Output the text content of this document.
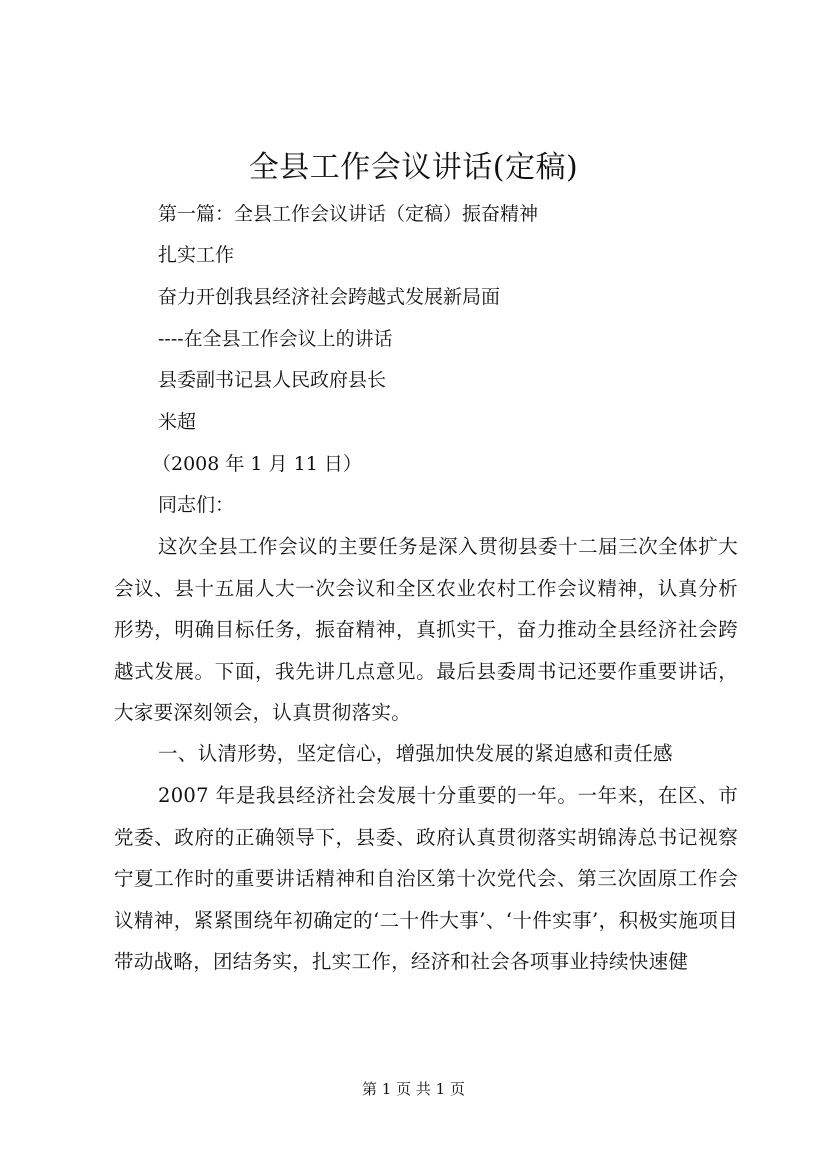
全县工作会议讲话(定稿)
第一篇：全县工作会议讲话（定稿）振奋精神
扎实工作
奋力开创我县经济社会跨越式发展新局面
----在全县工作会议上的讲话
县委副书记县人民政府县长
米超
（2008 年 1 月 11 日）
同志们：
这次全县工作会议的主要任务是深入贯彻县委十二届三次全体扩大会议、县十五届人大一次会议和全区农业农村工作会议精神，认真分析形势，明确目标任务，振奋精神，真抓实干，奋力推动全县经济社会跨越式发展。下面，我先讲几点意见。最后县委周书记还要作重要讲话，大家要深刻领会，认真贯彻落实。
一、认清形势，坚定信心，增强加快发展的紧迫感和责任感
2007 年是我县经济社会发展十分重要的一年。一年来，在区、市党委、政府的正确领导下，县委、政府认真贯彻落实胡锦涛总书记视察宁夏工作时的重要讲话精神和自治区第十次党代会、第三次固原工作会议精神，紧紧围绕年初确定的‘二十件大事’、‘十件实事’，积极实施项目带动战略，团结务实，扎实工作，经济和社会各项事业持续快速健
第 1 页 共 1 页
